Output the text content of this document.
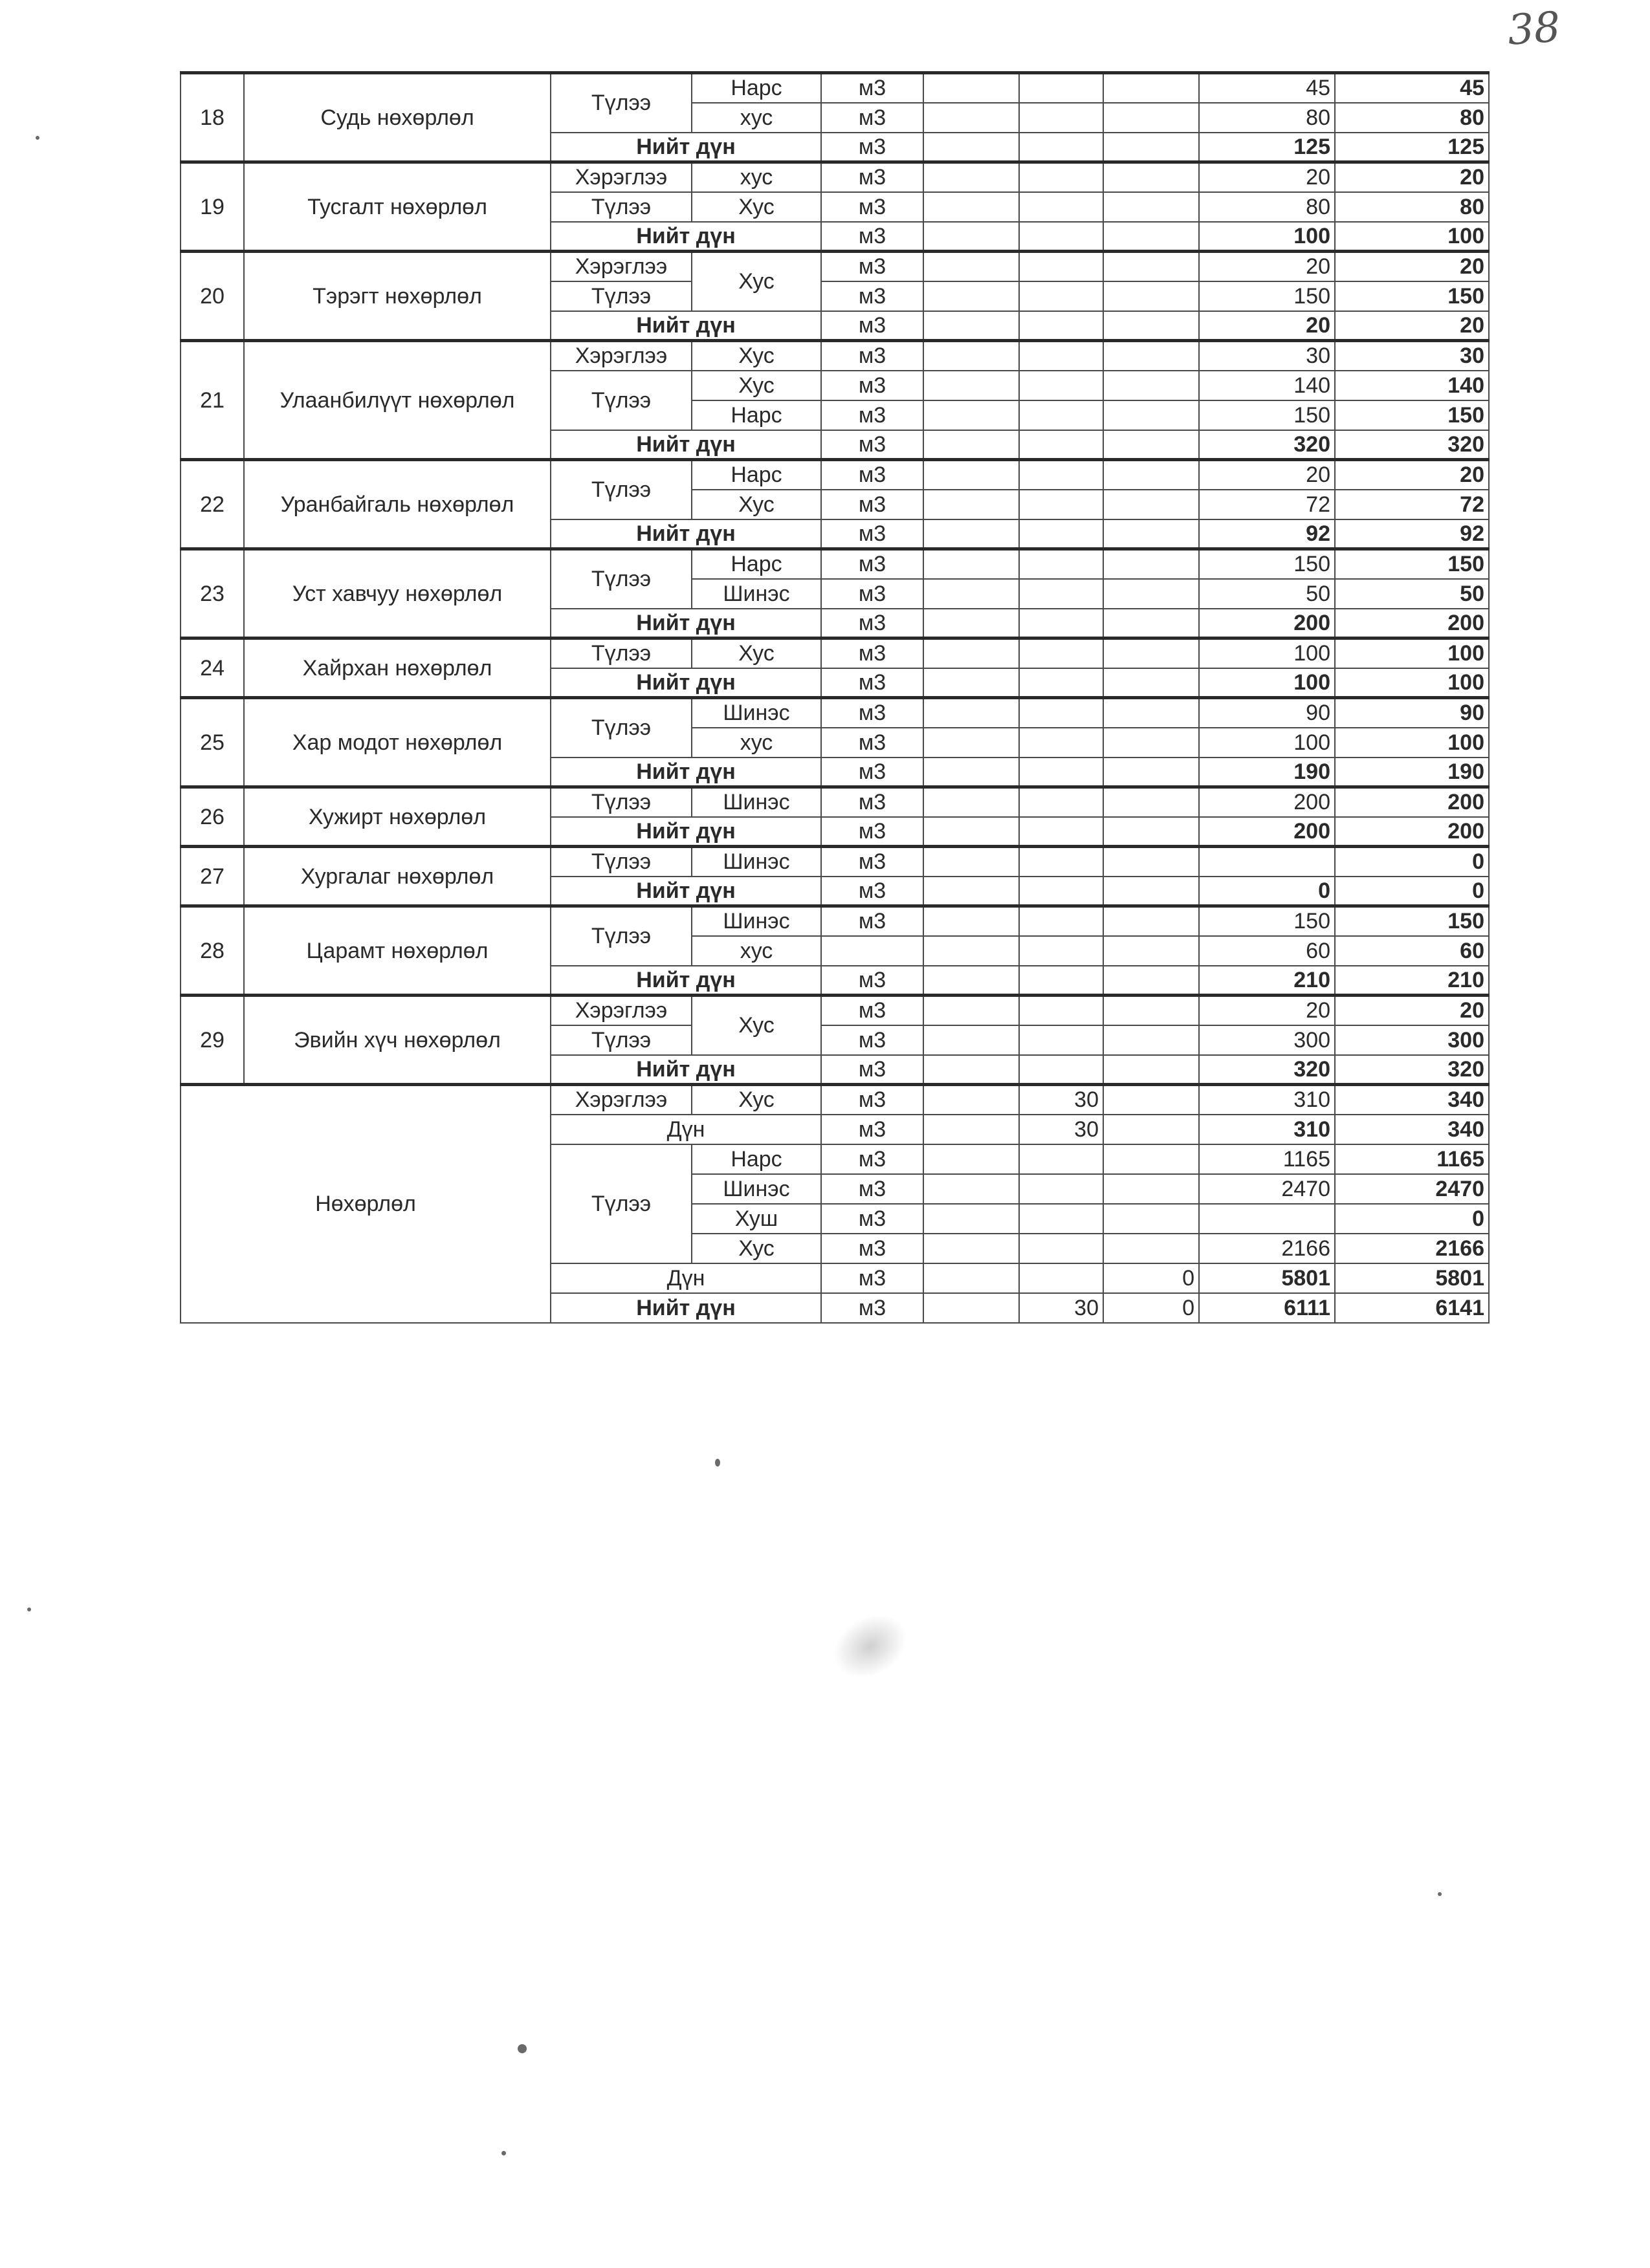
38
18	Судь нөхөрлөл	Түлээ	Нарс	м3				45	45
			хус	м3				80	80
		Нийт дүн		м3				125	125
19	Тусгалт нөхөрлөл	Хэрэглээ	хус	м3				20	20
		Түлээ	Хус	м3				80	80
		Нийт дүн		м3				100	100
20	Тэрэгт нөхөрлөл	Хэрэглээ	Хус	м3				20	20
		Түлээ		м3				150	150
		Нийт дүн		м3				20	20
21	Улаанбилүүт нөхөрлөл	Хэрэглээ	Хус	м3				30	30
		Түлээ	Хус	м3				140	140
			Нарс	м3				150	150
		Нийт дүн		м3				320	320
22	Уранбайгаль нөхөрлөл	Түлээ	Нарс	м3				20	20
			Хус	м3				72	72
		Нийт дүн		м3				92	92
23	Уст хавчуу нөхөрлөл	Түлээ	Нарс	м3				150	150
			Шинэс	м3				50	50
		Нийт дүн		м3				200	200
24	Хайрхан нөхөрлөл	Түлээ	Хус	м3				100	100
		Нийт дүн		м3				100	100
25	Хар модот нөхөрлөл	Түлээ	Шинэс	м3				90	90
			хус	м3				100	100
		Нийт дүн		м3				190	190
26	Хужирт нөхөрлөл	Түлээ	Шинэс	м3				200	200
		Нийт дүн		м3				200	200
27	Хургалаг нөхөрлөл	Түлээ	Шинэс	м3					0
		Нийт дүн		м3				0	0
28	Царамт нөхөрлөл	Түлээ	Шинэс	м3				150	150
			хус					60	60
		Нийт дүн		м3				210	210
29	Эвийн хүч нөхөрлөл	Хэрэглээ	Хус	м3				20	20
		Түлээ		м3				300	300
		Нийт дүн		м3				320	320
Нөхөрлөл		Хэрэглээ	Хус	м3		30		310	340
		Дүн		м3		30		310	340
		Түлээ	Нарс	м3				1165	1165
			Шинэс	м3				2470	2470
			Хуш	м3					0
			Хус	м3				2166	2166
		Дүн		м3			0	5801	5801
		Нийт дүн		м3		30	0	6111	6141
